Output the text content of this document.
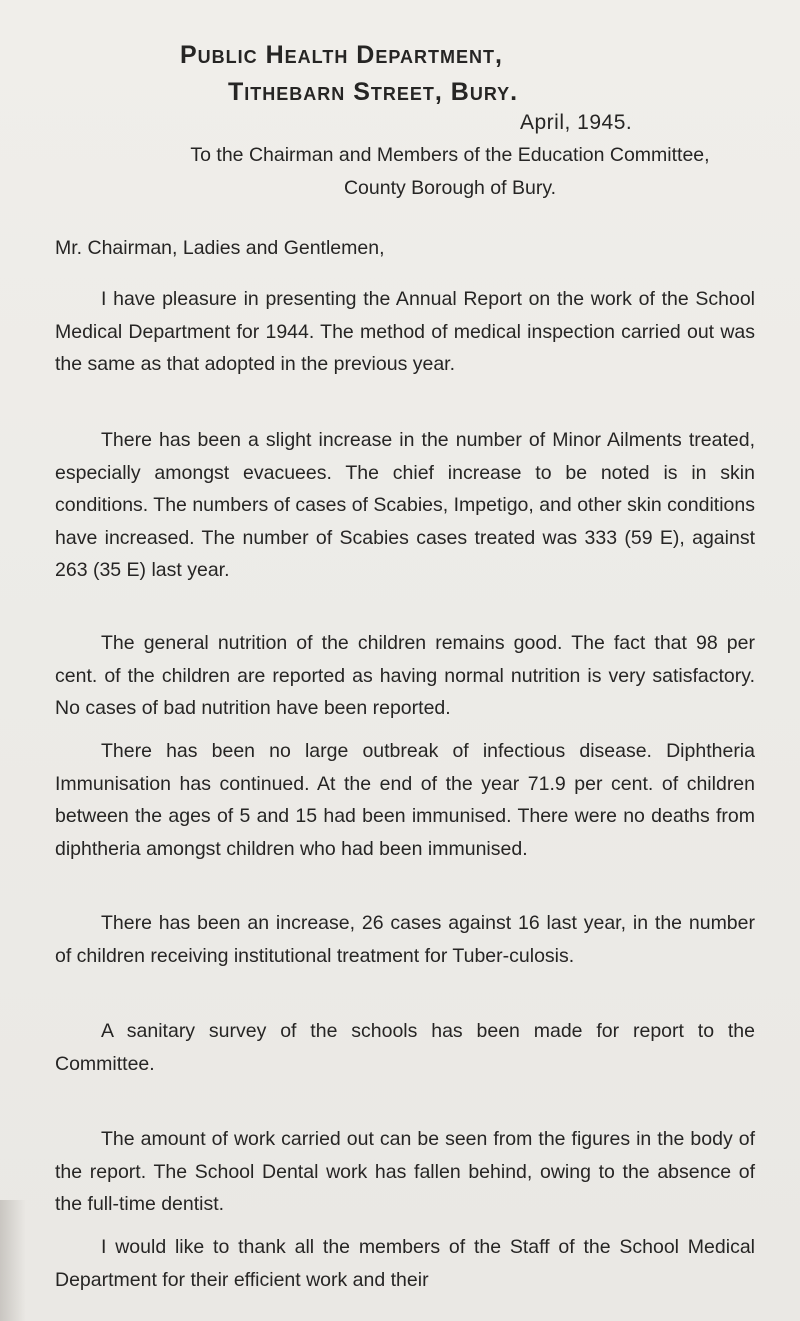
Public Health Department,
Tithebarn Street, Bury.
April, 1945.

To the Chairman and Members of the Education Committee,
County Borough of Bury.

Mr. Chairman, Ladies and Gentlemen,

I have pleasure in presenting the Annual Report on the work of the School Medical Department for 1944. The method of medical inspection carried out was the same as that adopted in the previous year.

There has been a slight increase in the number of Minor Ailments treated, especially amongst evacuees. The chief increase to be noted is in skin conditions. The numbers of cases of Scabies, Impetigo, and other skin conditions have increased. The number of Scabies cases treated was 333 (59 E), against 263 (35 E) last year.

The general nutrition of the children remains good. The fact that 98 per cent. of the children are reported as having normal nutrition is very satisfactory. No cases of bad nutrition have been reported.

There has been no large outbreak of infectious disease. Diphtheria Immunisation has continued. At the end of the year 71.9 per cent. of children between the ages of 5 and 15 had been immunised. There were no deaths from diphtheria amongst children who had been immunised.

There has been an increase, 26 cases against 16 last year, in the number of children receiving institutional treatment for Tuber-culosis.

A sanitary survey of the schools has been made for report to the Committee.

The amount of work carried out can be seen from the figures in the body of the report. The School Dental work has fallen behind, owing to the absence of the full-time dentist.

I would like to thank all the members of the Staff of the School Medical Department for their efficient work and their
